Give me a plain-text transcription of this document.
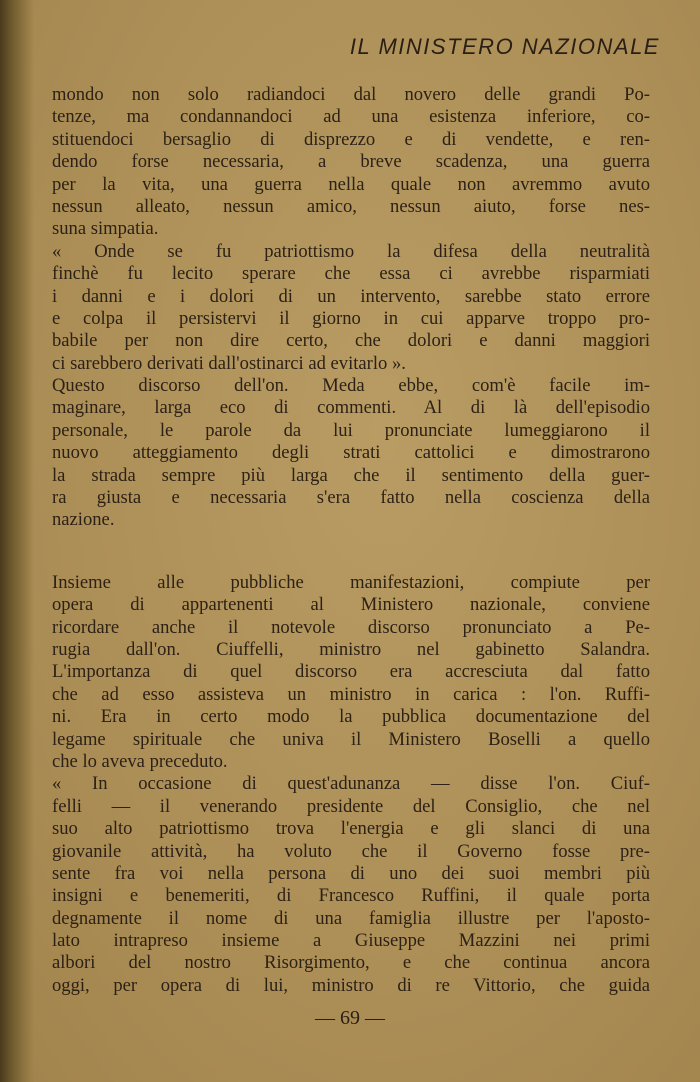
IL MINISTERO NAZIONALE
mondo non solo radiandoci dal novero delle grandi Po-
tenze, ma condannandoci ad una esistenza inferiore, co-
stituendoci bersaglio di disprezzo e di vendette, e ren-
dendo forse necessaria, a breve scadenza, una guerra
per la vita, una guerra nella quale non avremmo avuto
nessun alleato, nessun amico, nessun aiuto, forse nes-
suna simpatia.
« Onde se fu patriottismo la difesa della neutralità
finchè fu lecito sperare che essa ci avrebbe risparmiati
i danni e i dolori di un intervento, sarebbe stato errore
e colpa il persistervi il giorno in cui apparve troppo pro-
babile per non dire certo, che dolori e danni maggiori
ci sarebbero derivati dall'ostinarci ad evitarlo ».
Questo discorso dell'on. Meda ebbe, com'è facile im-
maginare, larga eco di commenti. Al di là dell'episodio
personale, le parole da lui pronunciate lumeggiarono il
nuovo atteggiamento degli strati cattolici e dimostrarono
la strada sempre più larga che il sentimento della guer-
ra giusta e necessaria s'era fatto nella coscienza della
nazione.
Insieme alle pubbliche manifestazioni, compiute per
opera di appartenenti al Ministero nazionale, conviene
ricordare anche il notevole discorso pronunciato a Pe-
rugia dall'on. Ciuffelli, ministro nel gabinetto Salandra.
L'importanza di quel discorso era accresciuta dal fatto
che ad esso assisteva un ministro in carica : l'on. Ruffi-
ni. Era in certo modo la pubblica documentazione del
legame spirituale che univa il Ministero Boselli a quello
che lo aveva preceduto.
« In occasione di quest'adunanza — disse l'on. Ciuf-
felli — il venerando presidente del Consiglio, che nel
suo alto patriottismo trova l'energia e gli slanci di una
giovanile attività, ha voluto che il Governo fosse pre-
sente fra voi nella persona di uno dei suoi membri più
insigni e benemeriti, di Francesco Ruffini, il quale porta
degnamente il nome di una famiglia illustre per l'aposto-
lato intrapreso insieme a Giuseppe Mazzini nei primi
albori del nostro Risorgimento, e che continua ancora
oggi, per opera di lui, ministro di re Vittorio, che guida
— 69 —
